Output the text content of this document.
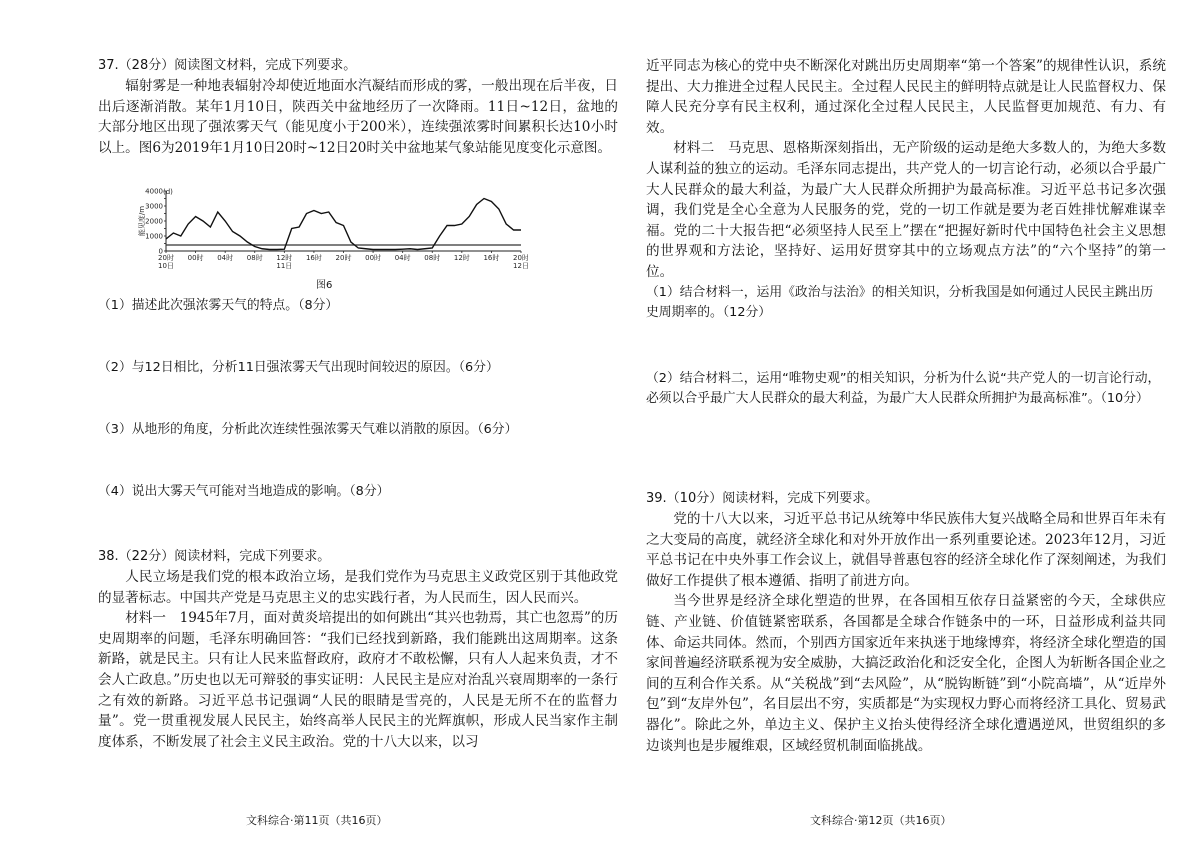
37.（28分）阅读图文材料，完成下列要求。

辐射雾是一种地表辐射冷却使近地面水汽凝结而形成的雾，一般出现在后半夜，日出后逐渐消散。某年1月10日，陕西关中盆地经历了一次降雨。11日~12日，盆地的大部分地区出现了强浓雾天气（能见度小于200米），连续强浓雾时间累积长达10小时以上。图6为2019年1月10日20时~12日20时关中盆地某气象站能见度变化示意图。

0
1000
2000
3000
4000 (d)
能见度/m
20时 00时 04时 08时 12时 16时 20时 00时 04时 08时 12时 16时 20时
10日	11日	12日
图6
（1）描述此次强浓雾天气的特点。（8分）
（2）与12日相比，分析11日强浓雾天气出现时间较迟的原因。（6分）
（3）从地形的角度，分析此次连续性强浓雾天气难以消散的原因。（6分）
（4）说出大雾天气可能对当地造成的影响。（8分）
38.（22分）阅读材料，完成下列要求。

人民立场是我们党的根本政治立场，是我们党作为马克思主义政党区别于其他政党的显著标志。中国共产党是马克思主义的忠实践行者，为人民而生，因人民而兴。

材料一　1945年7月，面对黄炎培提出的如何跳出“其兴也勃焉，其亡也忽焉”的历史周期率的问题，毛泽东明确回答：“我们已经找到新路，我们能跳出这周期率。这条新路，就是民主。只有让人民来监督政府，政府才不敢松懈，只有人人起来负责，才不会人亡政息。”历史也以无可辩驳的事实证明：人民民主是应对治乱兴衰周期率的一条行之有效的新路。习近平总书记强调“人民的眼睛是雪亮的，人民是无所不在的监督力量”。党一贯重视发展人民民主，始终高举人民民主的光辉旗帜，形成人民当家作主制度体系，不断发展了社会主义民主政治。党的十八大以来，以习

文科综合·第11页（共16页）

近平同志为核心的党中央不断深化对跳出历史周期率“第一个答案”的规律性认识，系统提出、大力推进全过程人民民主。全过程人民民主的鲜明特点就是让人民监督权力、保障人民充分享有民主权利，通过深化全过程人民民主，人民监督更加规范、有力、有效。

材料二　马克思、恩格斯深刻指出，无产阶级的运动是绝大多数人的，为绝大多数人谋利益的独立的运动。毛泽东同志提出，共产党人的一切言论行动，必须以合乎最广大人民群众的最大利益，为最广大人民群众所拥护为最高标准。习近平总书记多次强调，我们党是全心全意为人民服务的党，党的一切工作就是要为老百姓排忧解难谋幸福。党的二十大报告把“必须坚持人民至上”摆在“把握好新时代中国特色社会主义思想的世界观和方法论，坚持好、运用好贯穿其中的立场观点方法”的“六个坚持”的第一位。

（1）结合材料一，运用《政治与法治》的相关知识，分析我国是如何通过人民民主跳出历史周期率的。（12分）

（2）结合材料二，运用“唯物史观”的相关知识，分析为什么说“共产党人的一切言论行动，必须以合乎最广大人民群众的最大利益，为最广大人民群众所拥护为最高标准”。（10分）
39.（10分）阅读材料，完成下列要求。

党的十八大以来，习近平总书记从统筹中华民族伟大复兴战略全局和世界百年未有之大变局的高度，就经济全球化和对外开放作出一系列重要论述。2023年12月，习近平总书记在中央外事工作会议上，就倡导普惠包容的经济全球化作了深刻阐述，为我们做好工作提供了根本遵循、指明了前进方向。

当今世界是经济全球化塑造的世界，在各国相互依存日益紧密的今天，全球供应链、产业链、价值链紧密联系，各国都是全球合作链条中的一环，日益形成利益共同体、命运共同体。然而，个别西方国家近年来执迷于地缘博弈，将经济全球化塑造的国家间普遍经济联系视为安全威胁，大搞泛政治化和泛安全化，企图人为斩断各国企业之间的互利合作关系。从“关税战”到“去风险”，从“脱钩断链”到“小院高墙”，从“近岸外包”到“友岸外包”，名目层出不穷，实质都是“为实现权力野心而将经济工具化、贸易武器化”。除此之外，单边主义、保护主义抬头使得经济全球化遭遇逆风，世贸组织的多边谈判也是步履维艰，区域经贸机制面临挑战。

文科综合·第12页（共16页）
